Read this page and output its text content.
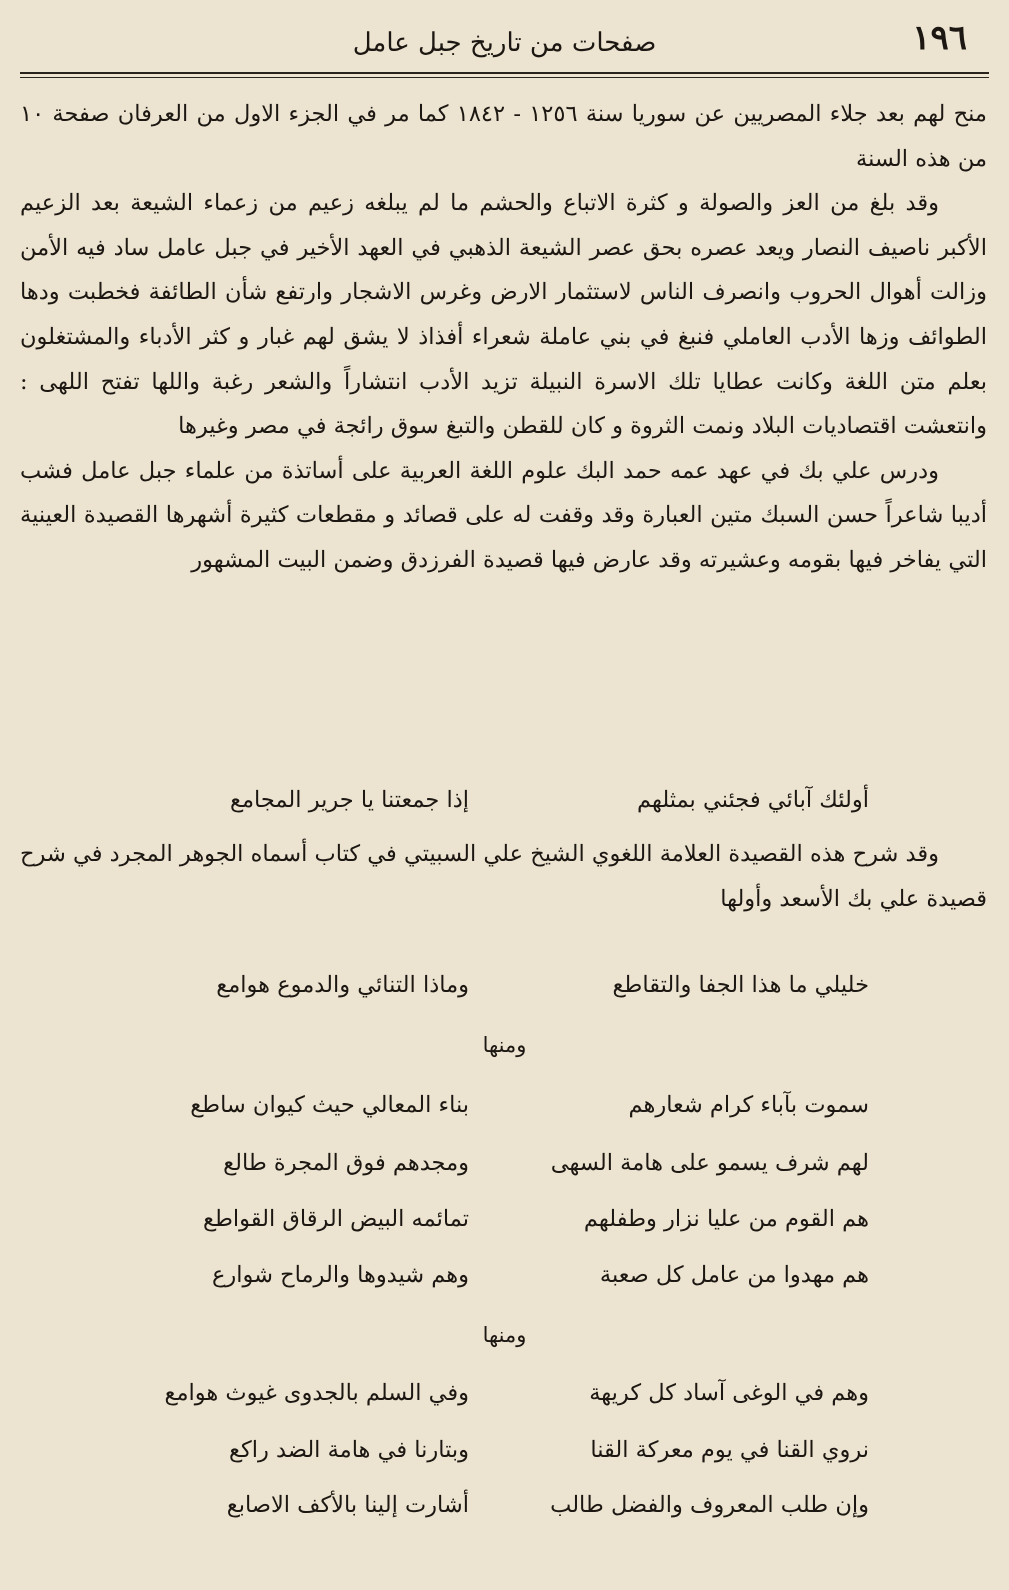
١٩٦
صفحات من تاريخ جبل عامل

منح لهم بعد جلاء المصريين عن سوريا سنة ١٢٥٦ - ١٨٤٢ كما مر في الجزء الاول من العرفان صفحة ١٠ من هذه السنة

وقد بلغ من العز والصولة و كثرة الاتباع والحشم ما لم يبلغه زعيم من زعماء الشيعة بعد الزعيم الأكبر ناصيف النصار ويعد عصره بحق عصر الشيعة الذهبي في العهد الأخير في جبل عامل ساد فيه الأمن وزالت أهوال الحروب وانصرف الناس لاستثمار الارض وغرس الاشجار وارتفع شأن الطائفة فخطبت ودها الطوائف وزها الأدب العاملي فنبغ في بني عاملة شعراء أفذاذ لا يشق لهم غبار و كثر الأدباء والمشتغلون بعلم متن اللغة وكانت عطايا تلك الاسرة النبيلة تزيد الأدب انتشاراً والشعر رغبة واللها تفتح اللهى : وانتعشت اقتصاديات البلاد ونمت الثروة و كان للقطن والتبغ سوق رائجة في مصر وغيرها

ودرس علي بك في عهد عمه حمد البك علوم اللغة العربية على أساتذة من علماء جبل عامل فشب أديبا شاعراً حسن السبك متين العبارة وقد وقفت له على قصائد و مقطعات كثيرة أشهرها القصيدة العينية التي يفاخر فيها بقومه وعشيرته وقد عارض فيها قصيدة الفرزدق وضمن البيت المشهور

أولئك آبائي فجئني بمثلهم
إذا جمعتنا يا جرير المجامع

وقد شرح هذه القصيدة العلامة اللغوي الشيخ علي السبيتي في كتاب أسماه الجوهر المجرد في شرح قصيدة علي بك الأسعد وأولها

خليلي ما هذا الجفا والتقاطع
وماذا التنائي والدموع هوامع
ومنها
سموت بآباء كرام شعارهم
بناء المعالي حيث كيوان ساطع
لهم شرف يسمو على هامة السهى
ومجدهم فوق المجرة طالع
هم القوم من عليا نزار وطفلهم
تمائمه البيض الرقاق القواطع
هم مهدوا من عامل كل صعبة
وهم شيدوها والرماح شوارع
ومنها
وهم في الوغى آساد كل كريهة
وفي السلم بالجدوى غيوث هوامع
نروي القنا في يوم معركة القنا
وبتارنا في هامة الضد راكع
وإن طلب المعروف والفضل طالب
أشارت إلينا بالأكف الاصابع
